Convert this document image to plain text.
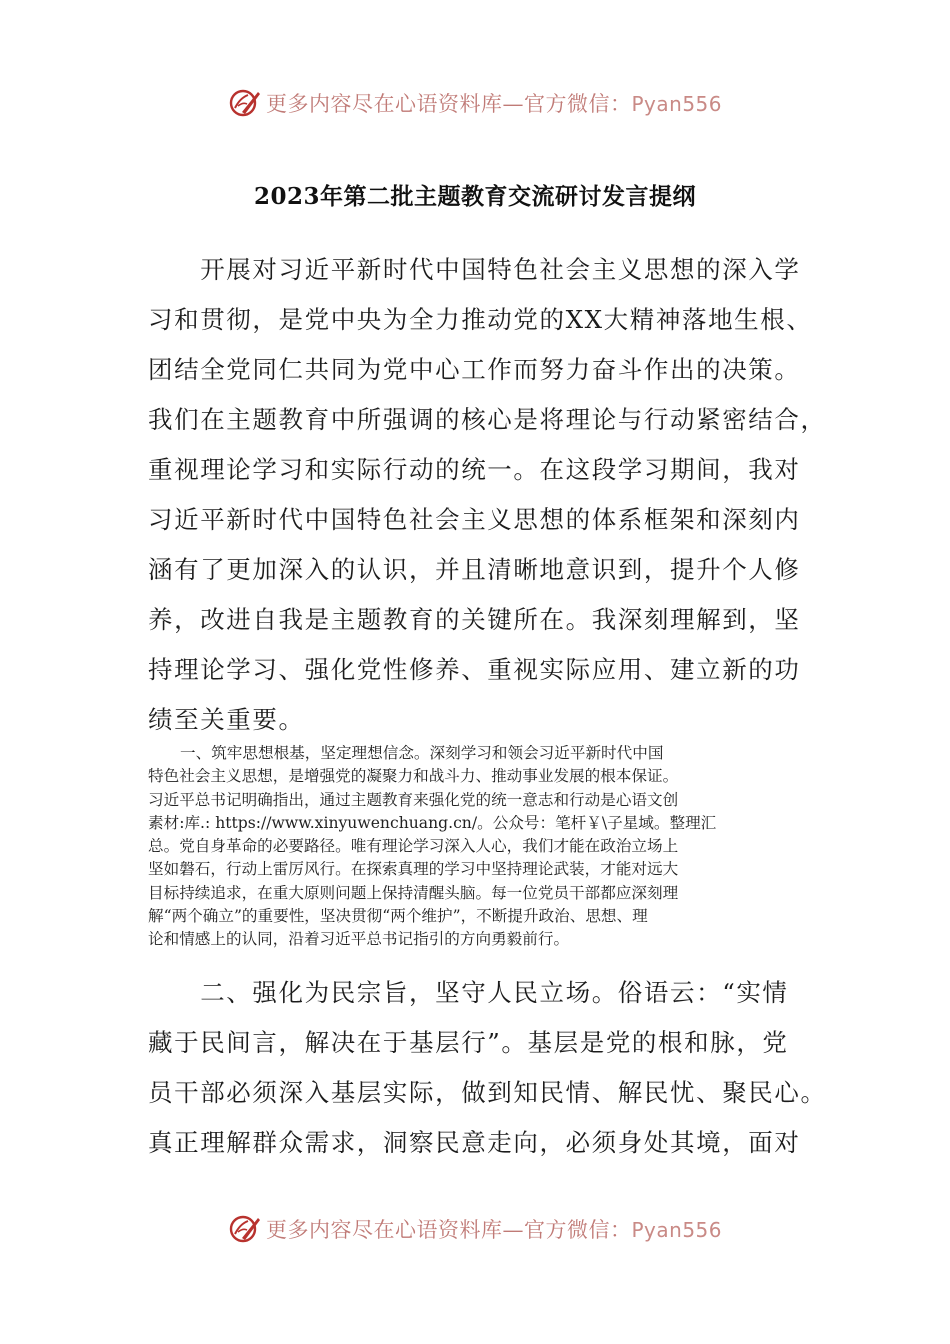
更多内容尽在心语资料库—官方微信：Pyan556
2023年第二批主题教育交流研讨发言提纲
　　开展对习近平新时代中国特色社会主义思想的深入学
习和贯彻，是党中央为全力推动党的XX大精神落地生根、
团结全党同仁共同为党中心工作而努力奋斗作出的决策。
我们在主题教育中所强调的核心是将理论与行动紧密结合，
重视理论学习和实际行动的统一。在这段学习期间，我对
习近平新时代中国特色社会主义思想的体系框架和深刻内
涵有了更加深入的认识，并且清晰地意识到，提升个人修
养，改进自我是主题教育的关键所在。我深刻理解到，坚
持理论学习、强化党性修养、重视实际应用、建立新的功
绩至关重要。
一、筑牢思想根基，坚定理想信念。深刻学习和领会习近平新时代中国
特色社会主义思想，是增强党的凝聚力和战斗力、推动事业发展的根本保证。
习近平总书记明确指出，通过主题教育来强化党的统一意志和行动是心语文创
素材:库.: https://www.xinyuwenchuang.cn/。公众号：笔杆￥\子星域。整理汇
总。党自身革命的必要路径。唯有理论学习深入人心，我们才能在政治立场上
坚如磐石，行动上雷厉风行。在探索真理的学习中坚持理论武装，才能对远大
目标持续追求，在重大原则问题上保持清醒头脑。每一位党员干部都应深刻理
解“两个确立”的重要性，坚决贯彻“两个维护”，不断提升政治、思想、理
论和情感上的认同，沿着习近平总书记指引的方向勇毅前行。
　　二、强化为民宗旨，坚守人民立场。俗语云：“实情
藏于民间言，解决在于基层行”。基层是党的根和脉，党
员干部必须深入基层实际，做到知民情、解民忧、聚民心。
真正理解群众需求，洞察民意走向，必须身处其境，面对
更多内容尽在心语资料库—官方微信：Pyan556
